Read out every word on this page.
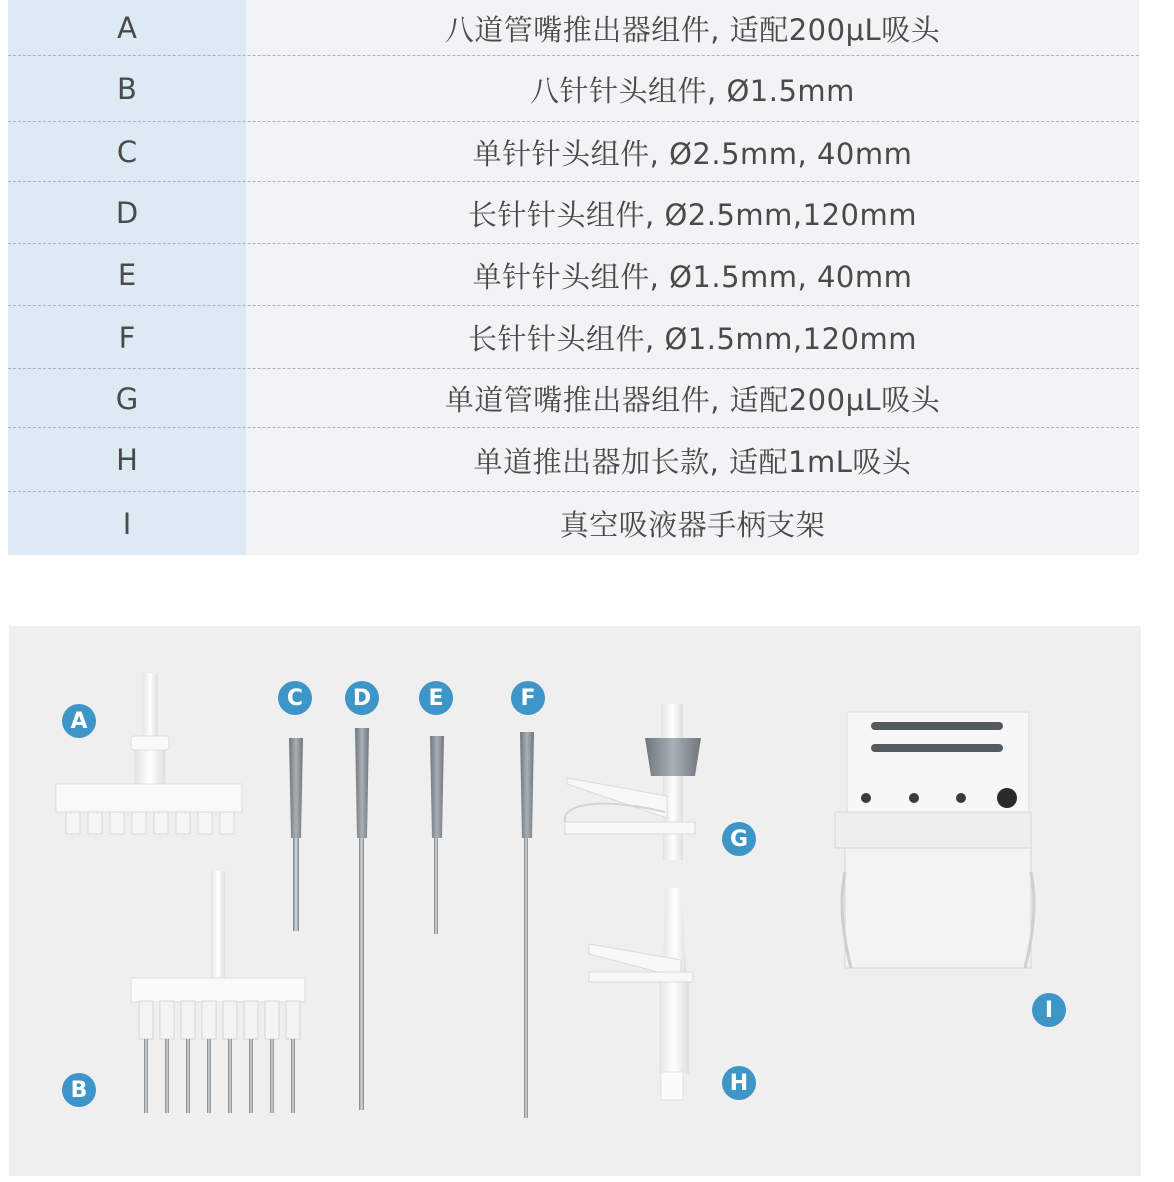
A	八道管嘴推出器组件, 适配200μL吸头
B	八针针头组件, Ø1.5mm
C	单针针头组件, Ø2.5mm, 40mm
D	长针针头组件, Ø2.5mm,120mm
E	单针针头组件, Ø1.5mm, 40mm
F	长针针头组件, Ø1.5mm,120mm
G	单道管嘴推出器组件, 适配200μL吸头
H	单道推出器加长款, 适配1mL吸头
I	真空吸液器手柄支架
A
B
C	D	E	F
G
H
I
